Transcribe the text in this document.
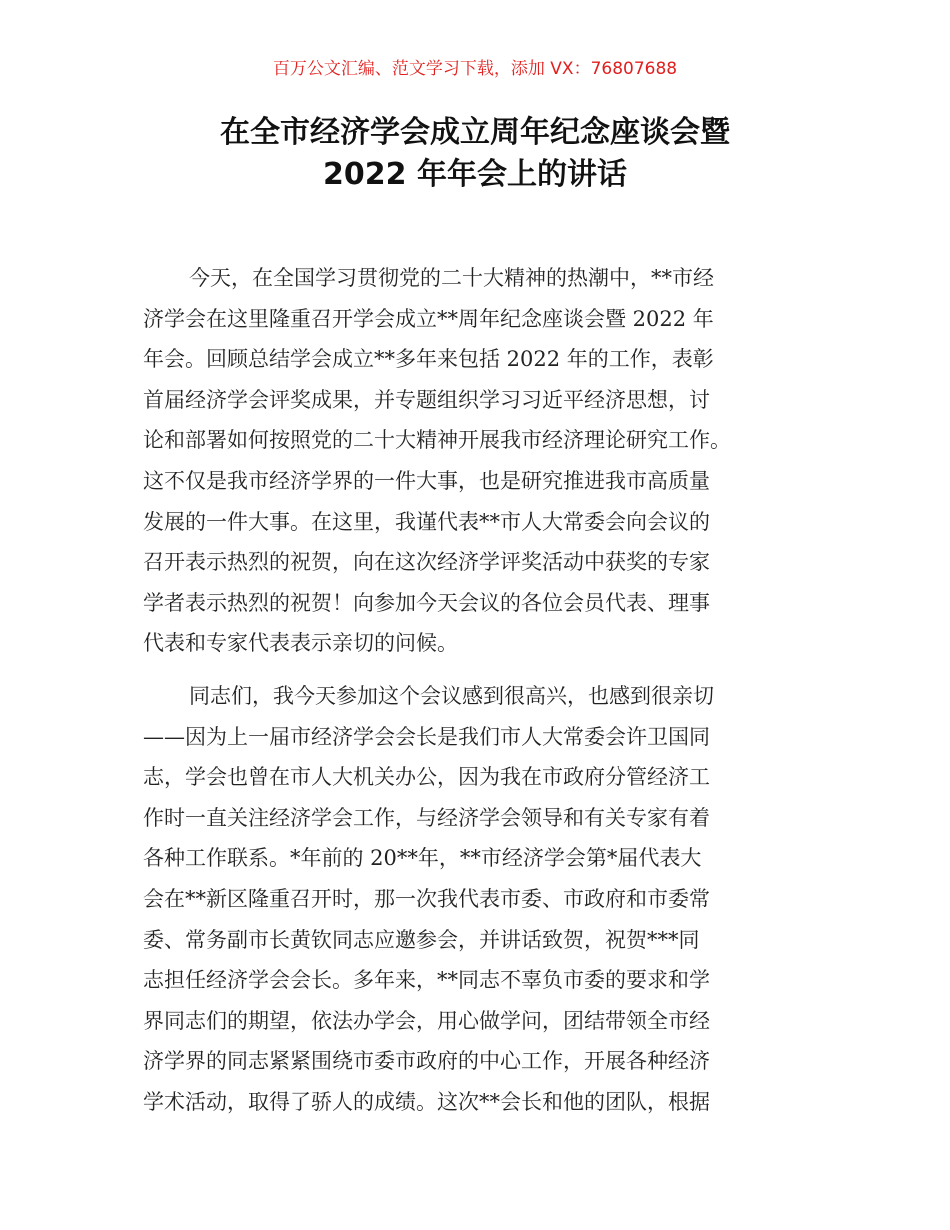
百万公文汇编、范文学习下载，添加 VX：76807688
在全市经济学会成立周年纪念座谈会暨
2022 年年会上的讲话
今天，在全国学习贯彻党的二十大精神的热潮中，**市经
济学会在这里隆重召开学会成立**周年纪念座谈会暨 2022 年
年会。回顾总结学会成立**多年来包括 2022 年的工作，表彰
首届经济学会评奖成果，并专题组织学习习近平经济思想，讨
论和部署如何按照党的二十大精神开展我市经济理论研究工作。
这不仅是我市经济学界的一件大事，也是研究推进我市高质量
发展的一件大事。在这里，我谨代表**市人大常委会向会议的
召开表示热烈的祝贺，向在这次经济学评奖活动中获奖的专家
学者表示热烈的祝贺！向参加今天会议的各位会员代表、理事
代表和专家代表表示亲切的问候。
同志们，我今天参加这个会议感到很高兴，也感到很亲切
——因为上一届市经济学会会长是我们市人大常委会许卫国同
志，学会也曾在市人大机关办公，因为我在市政府分管经济工
作时一直关注经济学会工作，与经济学会领导和有关专家有着
各种工作联系。*年前的 20**年，**市经济学会第*届代表大
会在**新区隆重召开时，那一次我代表市委、市政府和市委常
委、常务副市长黄钦同志应邀参会，并讲话致贺，祝贺***同
志担任经济学会会长。多年来，**同志不辜负市委的要求和学
界同志们的期望，依法办学会，用心做学问，团结带领全市经
济学界的同志紧紧围绕市委市政府的中心工作，开展各种经济
学术活动，取得了骄人的成绩。这次**会长和他的团队，根据
